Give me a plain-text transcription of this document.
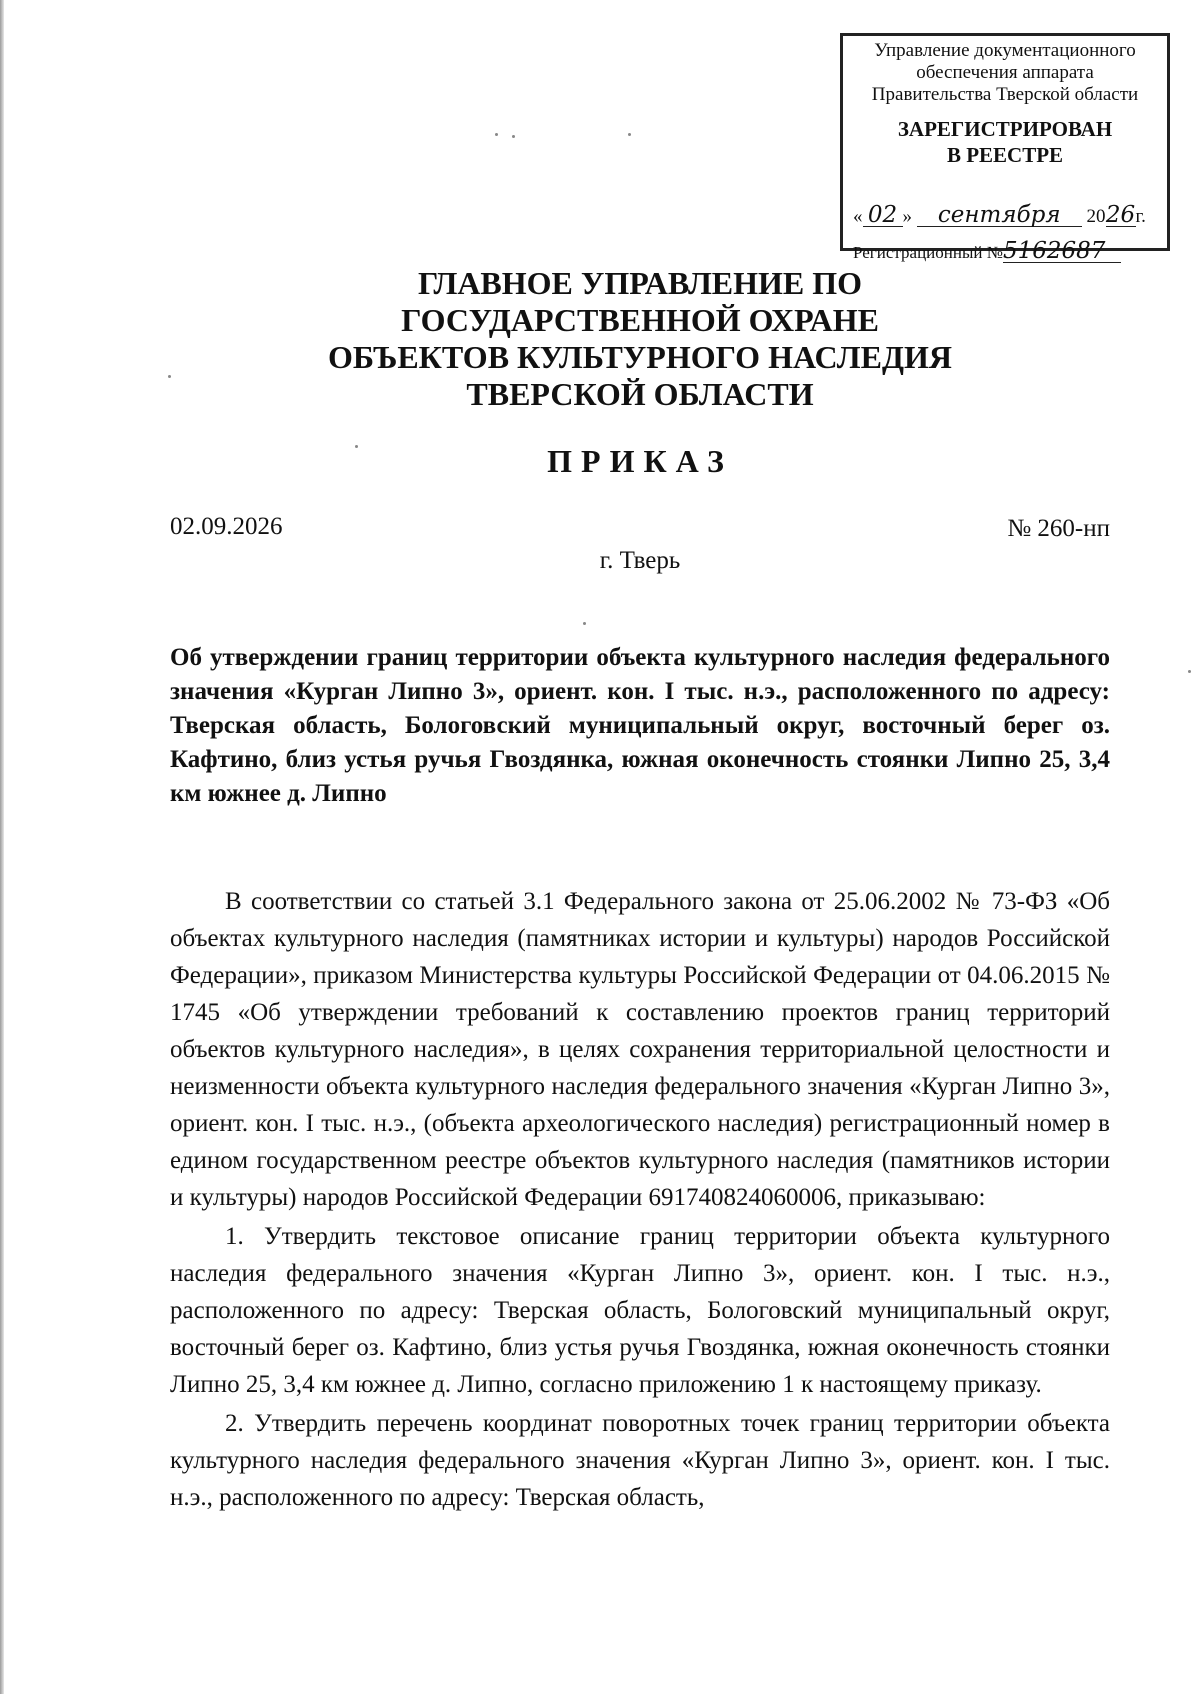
Управление документационного
обеспечения аппарата
Правительства Тверской области
ЗАРЕГИСТРИРОВАН
В РЕЕСТРЕ
« 02 » сентября 2026г.
Регистрационный №5162687
ГЛАВНОЕ УПРАВЛЕНИЕ ПО
ГОСУДАРСТВЕННОЙ ОХРАНЕ
ОБЪЕКТОВ КУЛЬТУРНОГО НАСЛЕДИЯ
ТВЕРСКОЙ ОБЛАСТИ
ПРИКАЗ
02.09.2026	№ 260-нп
г. Тверь
Об утверждении границ территории объекта культурного наследия федерального значения «Курган Липно 3», ориент. кон. I тыс. н.э., расположенного по адресу: Тверская область, Бологовский муниципальный округ, восточный берег оз. Кафтино, близ устья ручья Гвоздянка, южная оконечность стоянки Липно 25, 3,4 км южнее д. Липно

В соответствии со статьей 3.1 Федерального закона от 25.06.2002 № 73-ФЗ «Об объектах культурного наследия (памятниках истории и культуры) народов Российской Федерации», приказом Министерства культуры Российской Федерации от 04.06.2015 № 1745 «Об утверждении требований к составлению проектов границ территорий объектов культурного наследия», в целях сохранения территориальной целостности и неизменности объекта культурного наследия федерального значения «Курган Липно 3», ориент. кон. I тыс. н.э., (объекта археологического наследия) регистрационный номер в едином государственном реестре объектов культурного наследия (памятников истории и культуры) народов Российской Федерации 691740824060006, приказываю:

1. Утвердить текстовое описание границ территории объекта культурного наследия федерального значения «Курган Липно 3», ориент. кон. I тыс. н.э., расположенного по адресу: Тверская область, Бологовский муниципальный округ, восточный берег оз. Кафтино, близ устья ручья Гвоздянка, южная оконечность стоянки Липно 25, 3,4 км южнее д. Липно, согласно приложению 1 к настоящему приказу.

2. Утвердить перечень координат поворотных точек границ территории объекта культурного наследия федерального значения «Курган Липно 3», ориент. кон. I тыс. н.э., расположенного по адресу: Тверская область,
